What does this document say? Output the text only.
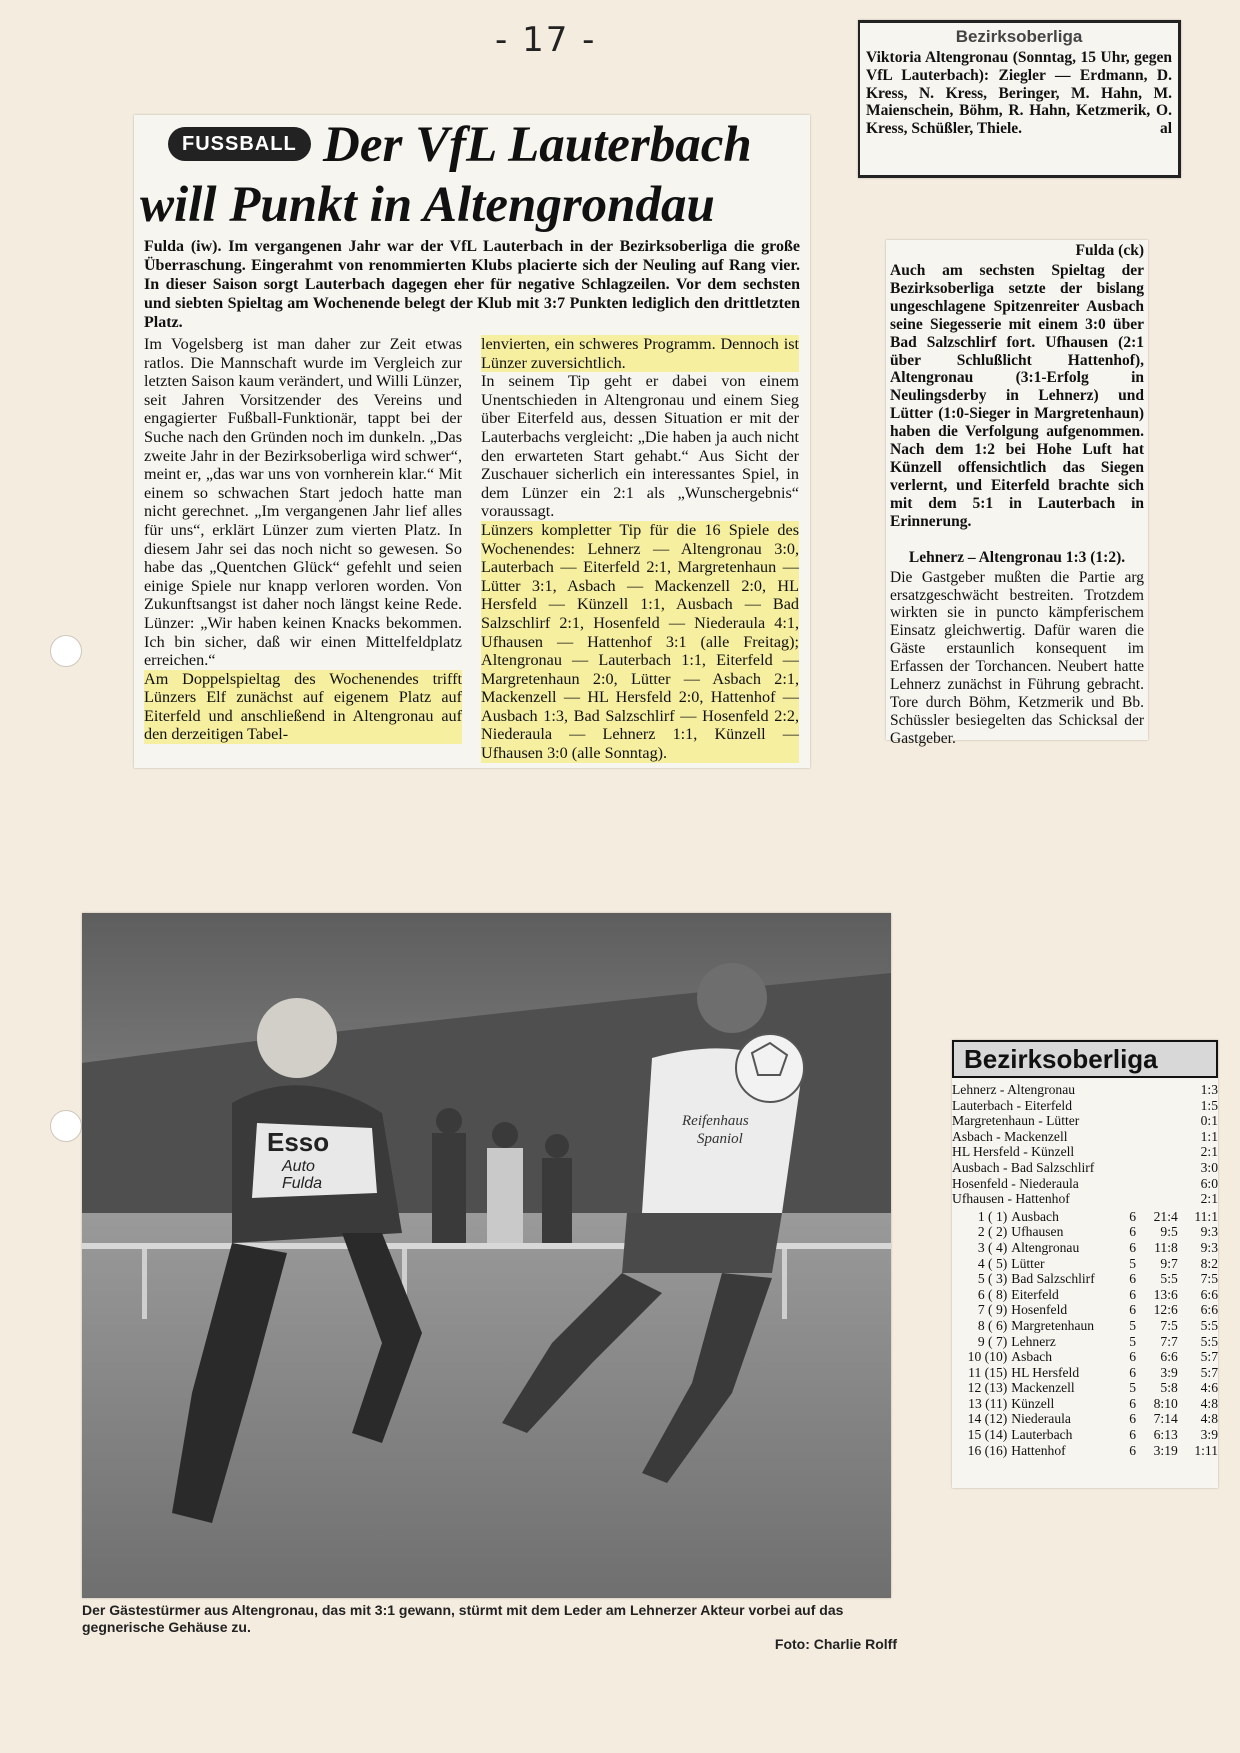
- 17 -
Der VfL Lauterbach
will Punkt in Altengrondau
FUSSBALL

Fulda (iw). Im vergangenen Jahr war der VfL Lauterbach in der Bezirksoberliga die große Überraschung. Eingerahmt von renommierten Klubs placierte sich der Neuling auf Rang vier. In dieser Saison sorgt Lauterbach dagegen eher für negative Schlagzeilen. Vor dem sechsten und siebten Spieltag am Wochenende belegt der Klub mit 3:7 Punkten lediglich den drittletzten Platz.

Im Vogelsberg ist man daher zur Zeit etwas ratlos. Die Mannschaft wurde im Vergleich zur letzten Saison kaum verändert, und Willi Lünzer, seit Jahren Vorsitzender des Vereins und engagierter Fußball-Funktionär, tappt bei der Suche nach den Gründen noch im dunkeln. „Das zweite Jahr in der Bezirksoberliga wird schwer“, meint er, „das war uns von vornherein klar.“ Mit einem so schwachen Start jedoch hatte man nicht gerechnet. „Im vergangenen Jahr lief alles für uns“, erklärt Lünzer zum vierten Platz. In diesem Jahr sei das noch nicht so gewesen. So habe das „Quentchen Glück“ gefehlt und seien einige Spiele nur knapp verloren worden. Von Zukunftsangst ist daher noch längst keine Rede. Lünzer: „Wir haben keinen Knacks bekommen. Ich bin sicher, daß wir einen Mittelfeldplatz erreichen.“

Am Doppelspieltag des Wochenendes trifft Lünzers Elf zunächst auf eigenem Platz auf Eiterfeld und anschließend in Altengronau auf den derzeitigen Tabel-

lenvierten, ein schweres Programm. Dennoch ist Lünzer zuversichtlich.

In seinem Tip geht er dabei von einem Unentschieden in Altengronau und einem Sieg über Eiterfeld aus, dessen Situation er mit der Lauterbachs vergleicht: „Die haben ja auch nicht den erwarteten Start gehabt.“ Aus Sicht der Zuschauer sicherlich ein interessantes Spiel, in dem Lünzer ein 2:1 als „Wunschergebnis“ voraussagt.

Lünzers kompletter Tip für die 16 Spiele des Wochenendes: Lehnerz — Altengronau 3:0, Lauterbach — Eiterfeld 2:1, Margretenhaun — Lütter 3:1, Asbach — Mackenzell 2:0, HL Hersfeld — Künzell 1:1, Ausbach — Bad Salzschlirf 2:1, Hosenfeld — Niederaula 4:1, Ufhausen — Hattenhof 3:1 (alle Freitag); Altengronau — Lauterbach 1:1, Eiterfeld — Margretenhaun 2:0, Lütter — Asbach 2:1, Mackenzell — HL Hersfeld 2:0, Hattenhof — Ausbach 1:3, Bad Salzschlirf — Hosenfeld 2:2, Niederaula — Lehnerz 1:1, Künzell — Ufhausen 3:0 (alle Sonntag).

Bezirksoberliga

Viktoria Altengronau (Sonntag, 15 Uhr, gegen VfL Lauterbach): Ziegler — Erdmann, D. Kress, N. Kress, Beringer, M. Hahn, M. Maienschein, Böhm, R. Hahn, Ketzmerik, O. Kress, Schüßler, Thiele.	al

Fulda (ck)

Auch am sechsten Spieltag der Bezirksoberliga setzte der bislang ungeschlagene Spitzenreiter Ausbach seine Siegesserie mit einem 3:0 über Bad Salzschlirf fort. Ufhausen (2:1 über Schlußlicht Hattenhof), Altengronau (3:1-Erfolg in Neulingsderby in Lehnerz) und Lütter (1:0-Sieger in Margretenhaun) haben die Verfolgung aufgenommen. Nach dem 1:2 bei Hohe Luft hat Künzell offensichtlich das Siegen verlernt, und Eiterfeld brachte sich mit dem 5:1 in Lauterbach in Erinnerung.

Lehnerz – Altengronau 1:3 (1:2).

Die Gastgeber mußten die Partie arg ersatzgeschwächt bestreiten. Trotzdem wirkten sie in puncto kämpferischem Einsatz gleichwertig. Dafür waren die Gäste erstaunlich konsequent im Erfassen der Torchancen. Neubert hatte Lehnerz zunächst in Führung gebracht. Tore durch Böhm, Ketzmerik und Bb. Schüssler besiegelten das Schicksal der Gastgeber.

Esso
Auto
Fulda
Reifenhaus
Spaniol
Der Gästestürmer aus Altengronau, das mit 3:1 gewann, stürmt mit dem Leder am Lehnerzer Akteur vorbei auf das gegnerische Gehäuse zu.
Foto: Charlie Rolff
Bezirksoberliga
Lehnerz - Altengronau				1:3
Lauterbach - Eiterfeld				1:5
Margretenhaun - Lütter				0:1
Asbach - Mackenzell				1:1
HL Hersfeld - Künzell				2:1
Ausbach - Bad Salzschlirf				3:0
Hosenfeld - Niederaula				6:0
Ufhausen - Hattenhof				2:1
1 ( 1)	Ausbach	6	21:4	11:1
2 ( 2)	Ufhausen	6	9:5	9:3
3 ( 4)	Altengronau	6	11:8	9:3
4 ( 5)	Lütter	5	9:7	8:2
5 ( 3)	Bad Salzschlirf	6	5:5	7:5
6 ( 8)	Eiterfeld	6	13:6	6:6
7 ( 9)	Hosenfeld	6	12:6	6:6
8 ( 6)	Margretenhaun	5	7:5	5:5
9 ( 7)	Lehnerz	5	7:7	5:5
10 (10)	Asbach	6	6:6	5:7
11 (15)	HL Hersfeld	6	3:9	5:7
12 (13)	Mackenzell	5	5:8	4:6
13 (11)	Künzell	6	8:10	4:8
14 (12)	Niederaula	6	7:14	4:8
15 (14)	Lauterbach	6	6:13	3:9
16 (16)	Hattenhof	6	3:19	1:11
